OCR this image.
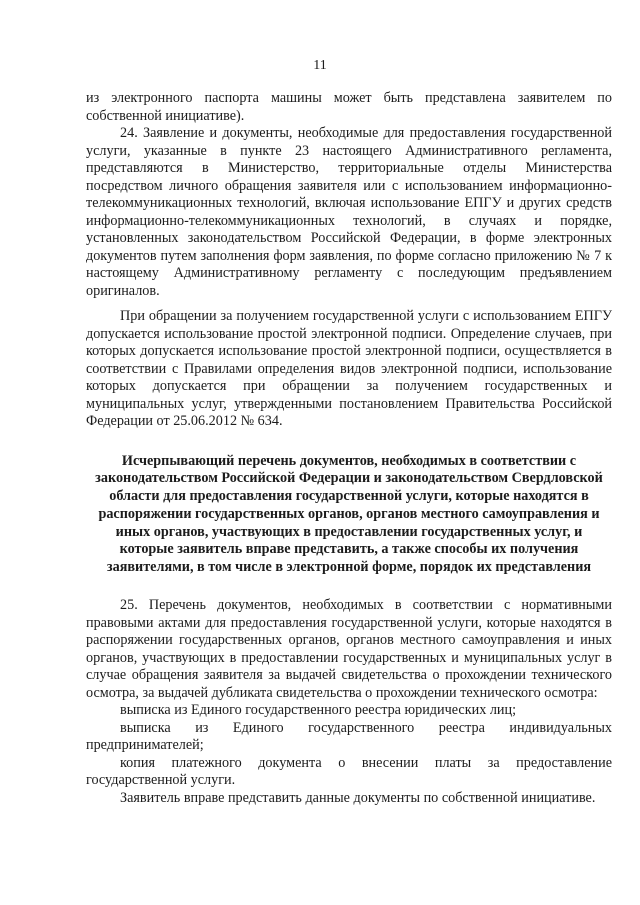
11

из электронного паспорта машины может быть представлена заявителем по собственной инициативе).

24. Заявление и документы, необходимые для предоставления государственной услуги, указанные в пункте 23 настоящего Административного регламента, представляются в Министерство, территориальные отделы Министерства посредством личного обращения заявителя или с использованием информационно-телекоммуникационных технологий, включая использование ЕПГУ и других средств информационно-телекоммуникационных технологий, в случаях и порядке, установленных законодательством Российской Федерации, в форме электронных документов путем заполнения форм заявления, по форме согласно приложению № 7 к настоящему Административному регламенту с последующим предъявлением оригиналов.

При обращении за получением государственной услуги с использованием ЕПГУ допускается использование простой электронной подписи. Определение случаев, при которых допускается использование простой электронной подписи, осуществляется в соответствии с Правилами определения видов электронной подписи, использование которых допускается при обращении за получением государственных и муниципальных услуг, утвержденными постановлением Правительства Российской Федерации от 25.06.2012 № 634.

Исчерпывающий перечень документов, необходимых в соответствии с законодательством Российской Федерации и законодательством Свердловской области для предоставления государственной услуги, которые находятся в распоряжении государственных органов, органов местного самоуправления и иных органов, участвующих в предоставлении государственных услуг, и которые заявитель вправе представить, а также способы их получения заявителями, в том числе в электронной форме, порядок их представления

25. Перечень документов, необходимых в соответствии с нормативными правовыми актами для предоставления государственной услуги, которые находятся в распоряжении государственных органов, органов местного самоуправления и иных органов, участвующих в предоставлении государственных и муниципальных услуг в случае обращения заявителя за выдачей свидетельства о прохождении технического осмотра, за выдачей дубликата свидетельства о прохождении технического осмотра:

выписка из Единого государственного реестра юридических лиц;

выписка из Единого государственного реестра индивидуальных предпринимателей;

копия платежного документа о внесении платы за предоставление государственной услуги.

Заявитель вправе представить данные документы по собственной инициативе.
